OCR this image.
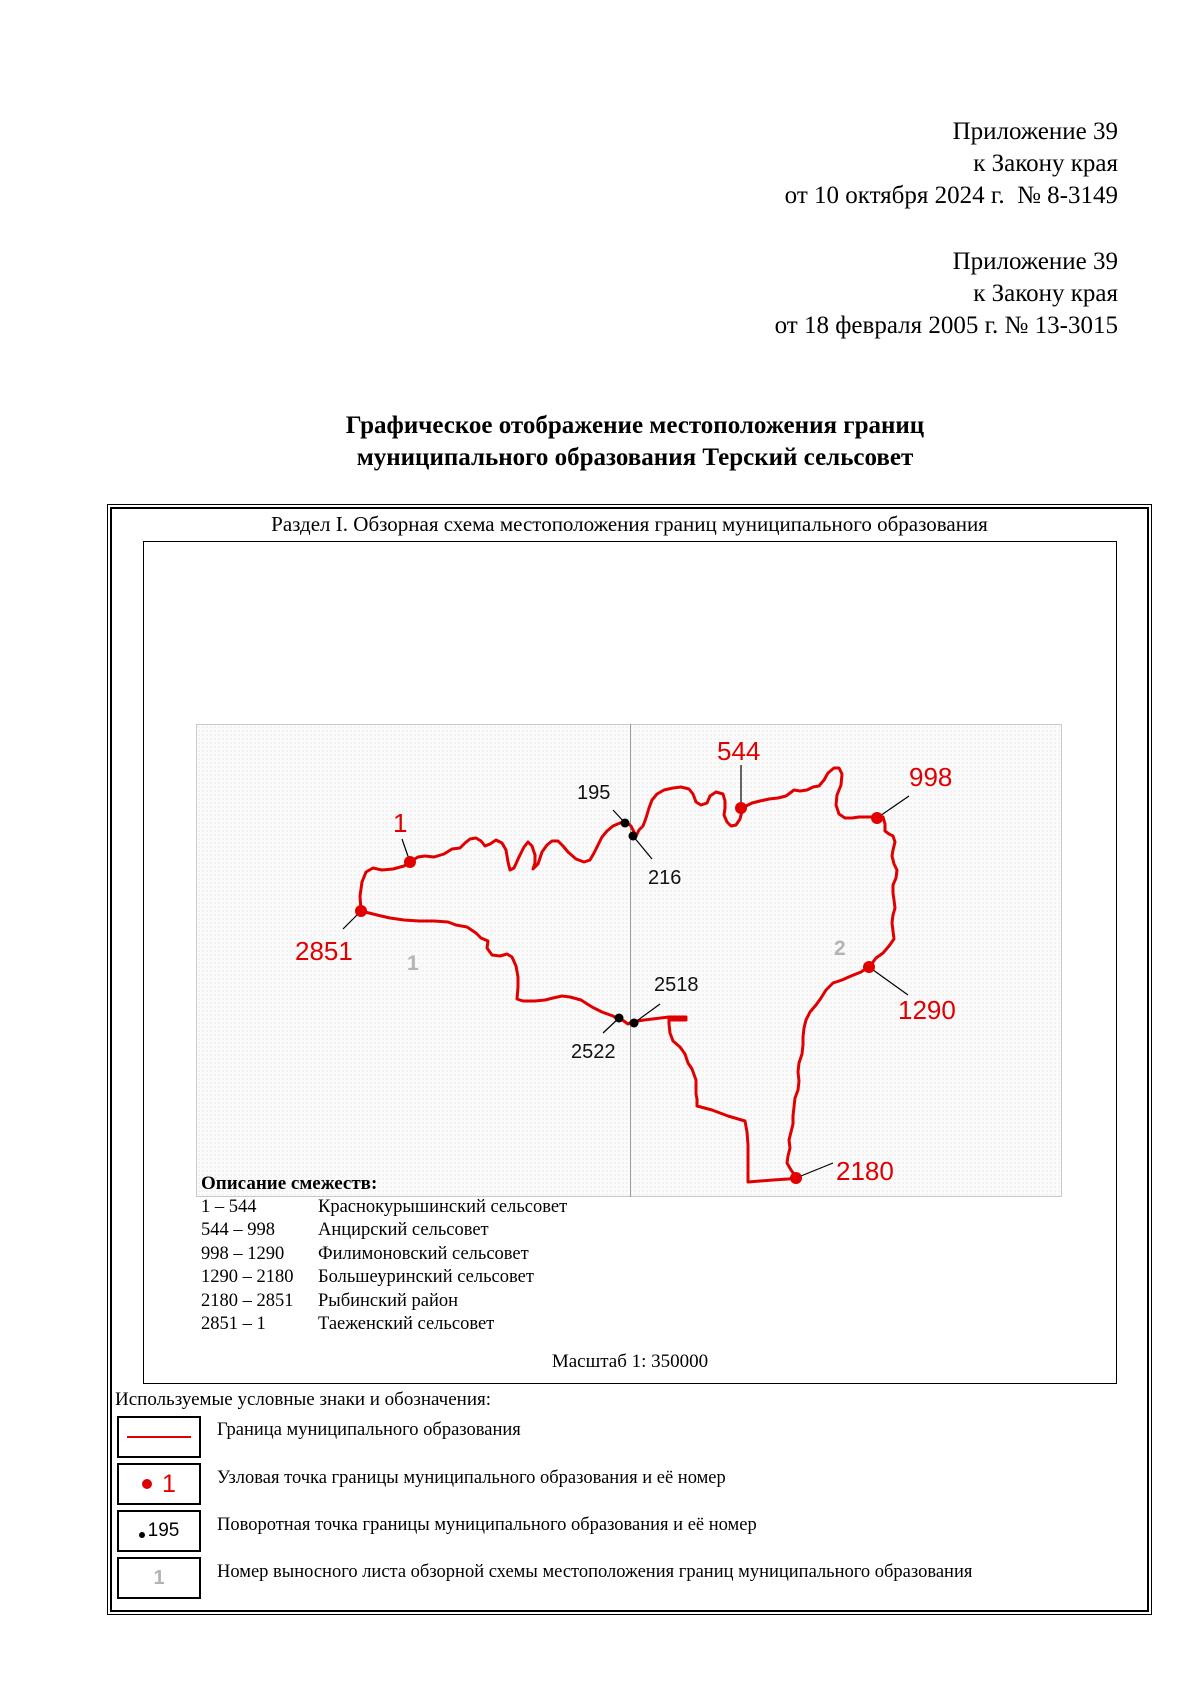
Приложение 39
к Закону края
от 10 октября 2024 г.  № 8-3149
Приложение 39
к Закону края
от 18 февраля 2005 г. № 13-3015
Графическое отображение местоположения границ
муниципального образования Терский сельсовет
Раздел I. Обзорная схема местоположения границ муниципального образования
1
544
998
1290
2180
2851
195
216
2518
2522
1
2
Описание смежеств:
1 – 544	Краснокурышинский сельсовет
544 – 998	Анцирский сельсовет
998 – 1290	Филимоновский сельсовет
1290 – 2180	Большеуринский сельсовет
2180 – 2851	Рыбинский район
2851 – 1	Таеженский сельсовет
Масштаб 1: 350000
Используемые условные знаки и обозначения:
Граница муниципального образования
1 Узловая точка границы муниципального образования и её номер
195 Поворотная точка границы муниципального образования и её номер
1	Номер выносного листа обзорной схемы местоположения границ муниципального образования
